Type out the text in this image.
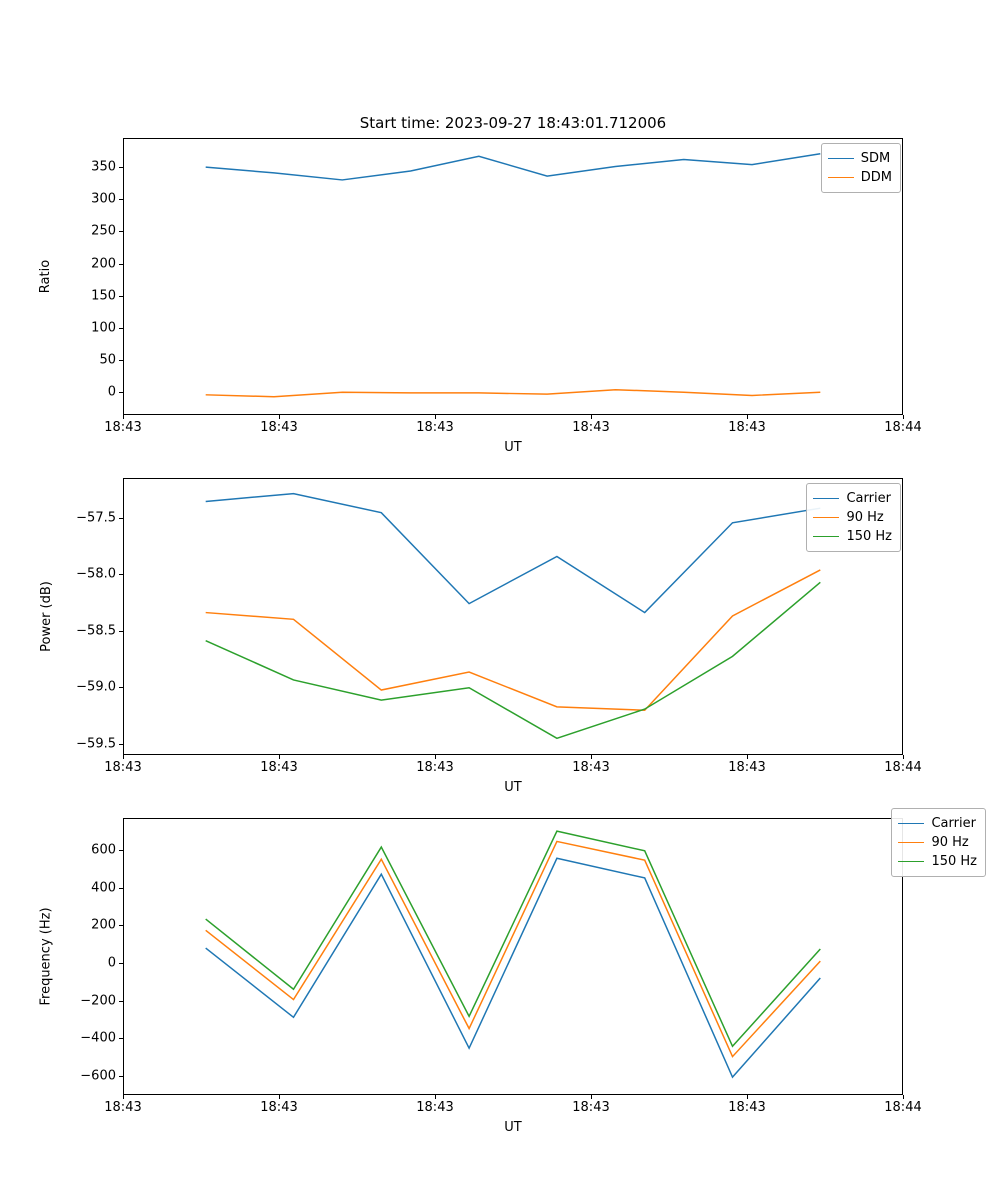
Start time: 2023-09-27 18:43:01.712006
Ratio
0
50
100
150
200
250
300
350
18:43	18:43	18:43	18:43	18:43	18:44
UT
SDM
DDM
Power (dB)
−59.5
−59.0
−58.5
−58.0
−57.5
18:43	18:43	18:43	18:43	18:43	18:44
UT
Carrier
90 Hz
150 Hz
Frequency (Hz)
−600
−400
−200
0
200
400
600
18:43	18:43	18:43	18:43	18:43	18:44
UT
Carrier
90 Hz
150 Hz
